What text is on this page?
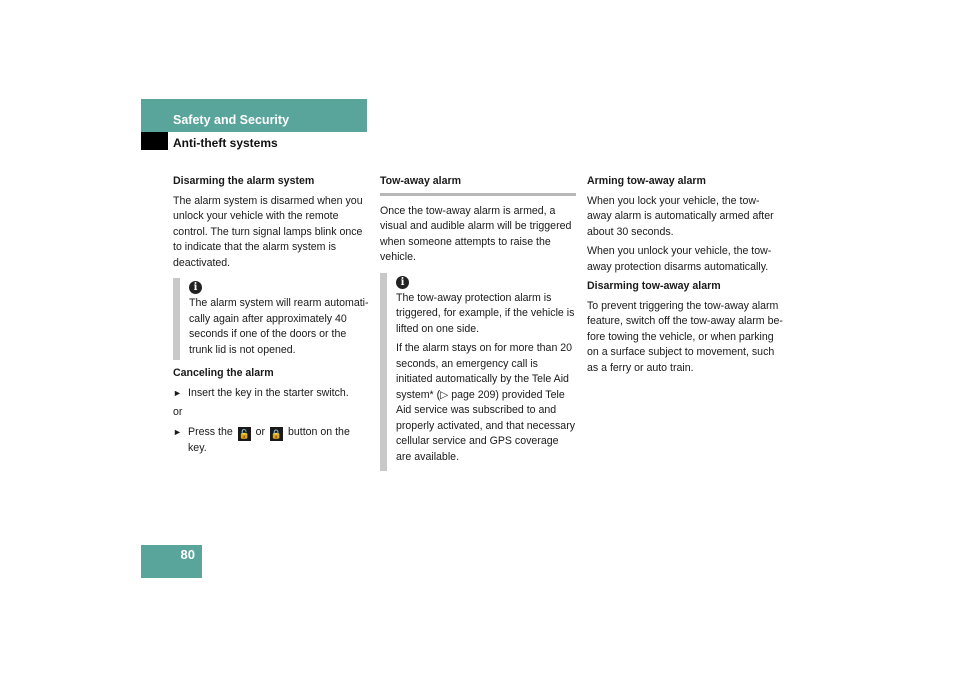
Safety and Security
Anti-theft systems

Disarming the alarm system

The alarm system is disarmed when you unlock your vehicle with the remote control. The turn signal lamps blink once to indicate that the alarm system is deactivated.

i
The alarm system will rearm automati-cally again after approximately 40 seconds if one of the doors or the trunk lid is not opened.

Canceling the alarm

► Insert the key in the starter switch.

or

► Press the 🔓 or 🔒 button on the key.

Tow-away alarm

Once the tow-away alarm is armed, a visual and audible alarm will be triggered when someone attempts to raise the vehicle.

i

The tow-away protection alarm is triggered, for example, if the vehicle is lifted on one side.

If the alarm stays on for more than 20 seconds, an emergency call is initiated automatically by the Tele Aid system* (▷ page 209) provided Tele Aid service was subscribed to and properly activated, and that necessary cellular service and GPS coverage are available.

Arming tow-away alarm

When you lock your vehicle, the tow-away alarm is automatically armed after about 30 seconds.

When you unlock your vehicle, the tow-away protection disarms automatically.

Disarming tow-away alarm

To prevent triggering the tow-away alarm feature, switch off the tow-away alarm be-fore towing the vehicle, or when parking on a surface subject to movement, such as a ferry or auto train.

80
